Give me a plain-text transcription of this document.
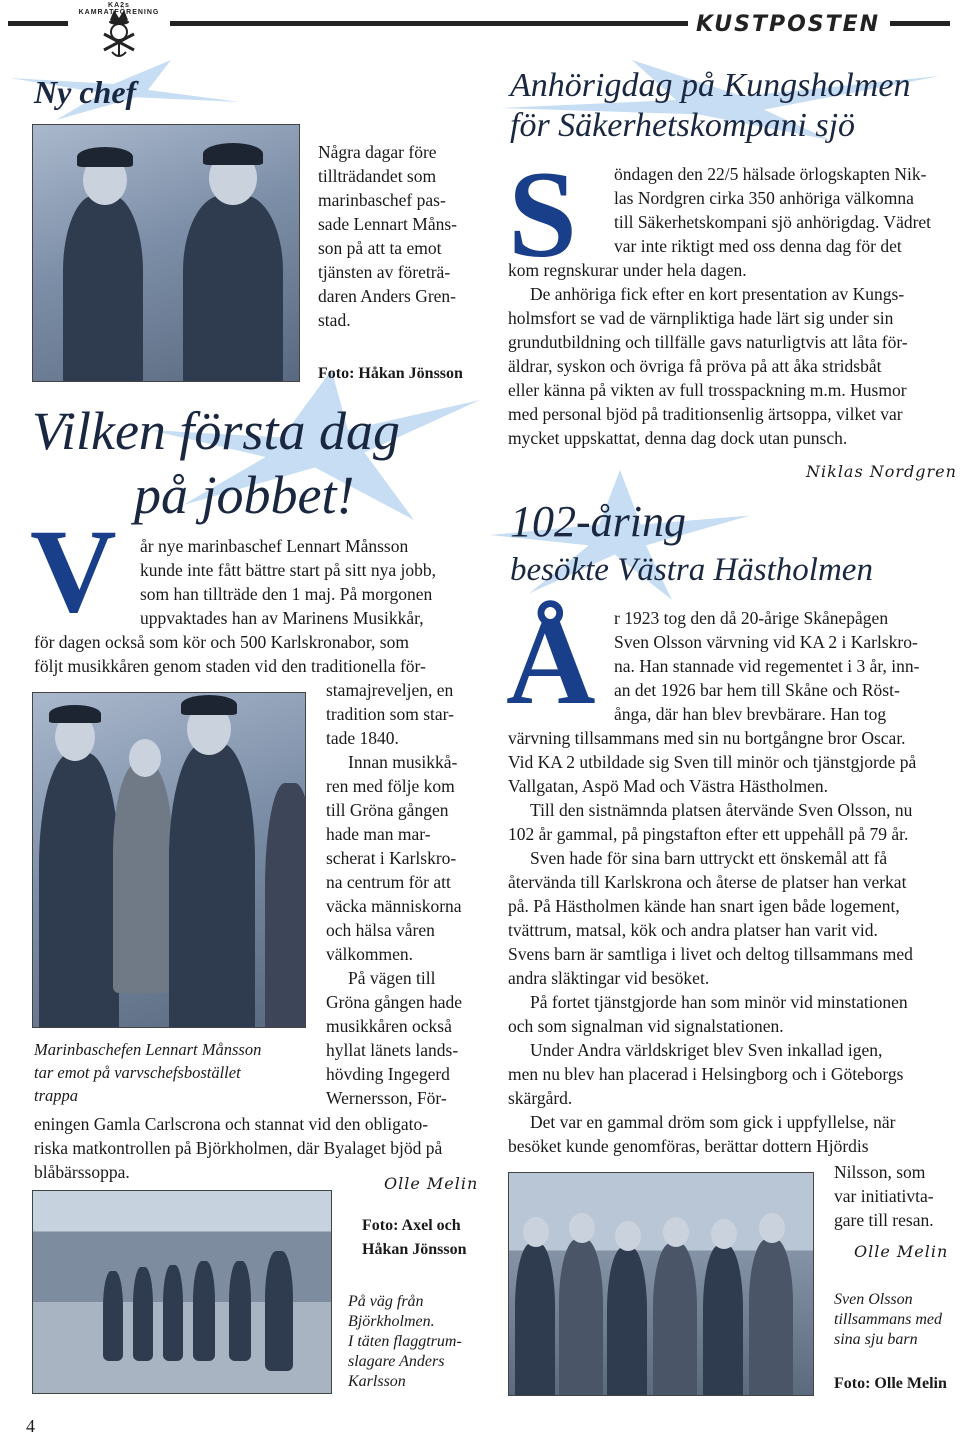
KA2s KAMRATFÖRENING	KUSTPOSTEN
Ny chef
Några dagar före
tillträdandet som
marinbaschef pas-
sade Lennart Måns-
son på att ta emot
tjänsten av företrä-
daren Anders Gren-
stad.
Foto: Håkan Jönsson
Vilken första dag
på jobbet!
V år nye marinbaschef Lennart Månsson
kunde inte fått bättre start på sitt nya jobb,
som han tillträde den 1 maj. På morgonen
uppvaktades han av Marinens Musikkår,
för dagen också som kör och 500 Karlskronabor, som
följt musikkåren genom staden vid den traditionella för-
stamajreveljen, en
tradition som star-
tade 1840.
Innan musikkå-
ren med följe kom
till Gröna gången
hade man mar-
scherat i Karlskro-
na centrum för att
väcka människorna
och hälsa våren
välkommen.
På vägen till
Gröna gången hade
musikkåren också
hyllat länets lands-
hövding Ingegerd
Wernersson, För-
Marinbaschefen Lennart Månsson
tar emot på varvschefsbostället
trappa
eningen Gamla Carlscrona och stannat vid den obligato-
riska matkontrollen på Björkholmen, där Byalaget bjöd på
blåbärssoppa.
Olle Melin
Foto: Axel och
Håkan Jönsson
På väg från
Björkholmen.
I täten flaggtrum-
slagare Anders
Karlsson
4
Anhörigdag på Kungsholmen
för Säkerhetskompani sjö
S öndagen den 22/5 hälsade örlogskapten Nik-
las Nordgren cirka 350 anhöriga välkomna
till Säkerhetskompani sjö anhörigdag. Vädret
var inte riktigt med oss denna dag för det
kom regnskurar under hela dagen.
De anhöriga fick efter en kort presentation av Kungs-
holmsfort se vad de värnpliktiga hade lärt sig under sin
grundutbildning och tillfälle gavs naturligtvis att låta för-
äldrar, syskon och övriga få pröva på att åka stridsbåt
eller känna på vikten av full trosspackning m.m. Husmor
med personal bjöd på traditionsenlig ärtsoppa, vilket var
mycket uppskattat, denna dag dock utan punsch.
Niklas Nordgren
102-åring
besökte Västra Hästholmen
Å r 1923 tog den då 20-årige Skånepågen
Sven Olsson värvning vid KA 2 i Karlskro-
na. Han stannade vid regementet i 3 år, inn-
an det 1926 bar hem till Skåne och Röst-
ånga, där han blev brevbärare. Han tog
värvning tillsammans med sin nu bortgångne bror Oscar.
Vid KA 2 utbildade sig Sven till minör och tjänstgjorde på
Vallgatan, Aspö Mad och Västra Hästholmen.
Till den sistnämnda platsen återvände Sven Olsson, nu
102 år gammal, på pingstafton efter ett uppehåll på 79 år.
Sven hade för sina barn uttryckt ett önskemål att få
återvända till Karlskrona och återse de platser han verkat
på. På Hästholmen kände han snart igen både logement,
tvättrum, matsal, kök och andra platser han varit vid.
Svens barn är samtliga i livet och deltog tillsammans med
andra släktingar vid besöket.
På fortet tjänstgjorde han som minör vid minstationen
och som signalman vid signalstationen.
Under Andra världskriget blev Sven inkallad igen,
men nu blev han placerad i Helsingborg och i Göteborgs
skärgård.
Det var en gammal dröm som gick i uppfyllelse, när
besöket kunde genomföras, berättar dottern Hjördis
Nilsson, som
var initiativta-
gare till resan.
Olle Melin
Sven Olsson
tillsammans med
sina sju barn
Foto: Olle Melin
